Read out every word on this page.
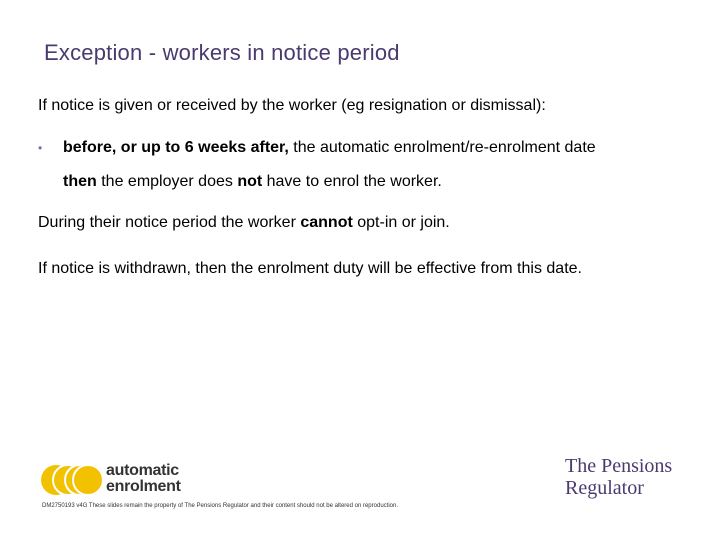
Exception - workers in notice period
If notice is given or received by the worker (eg resignation or dismissal):
• before, or up to 6 weeks after, the automatic enrolment/re-enrolment date
then the employer does not have to enrol the worker.
During their notice period the worker cannot opt-in or join.
If notice is withdrawn, then the enrolment duty will be effective from this date.
automatic
enrolment
The Pensions
Regulator
DM2750193 v4G These slides remain the property of The Pensions Regulator and their content should not be altered on reproduction.
